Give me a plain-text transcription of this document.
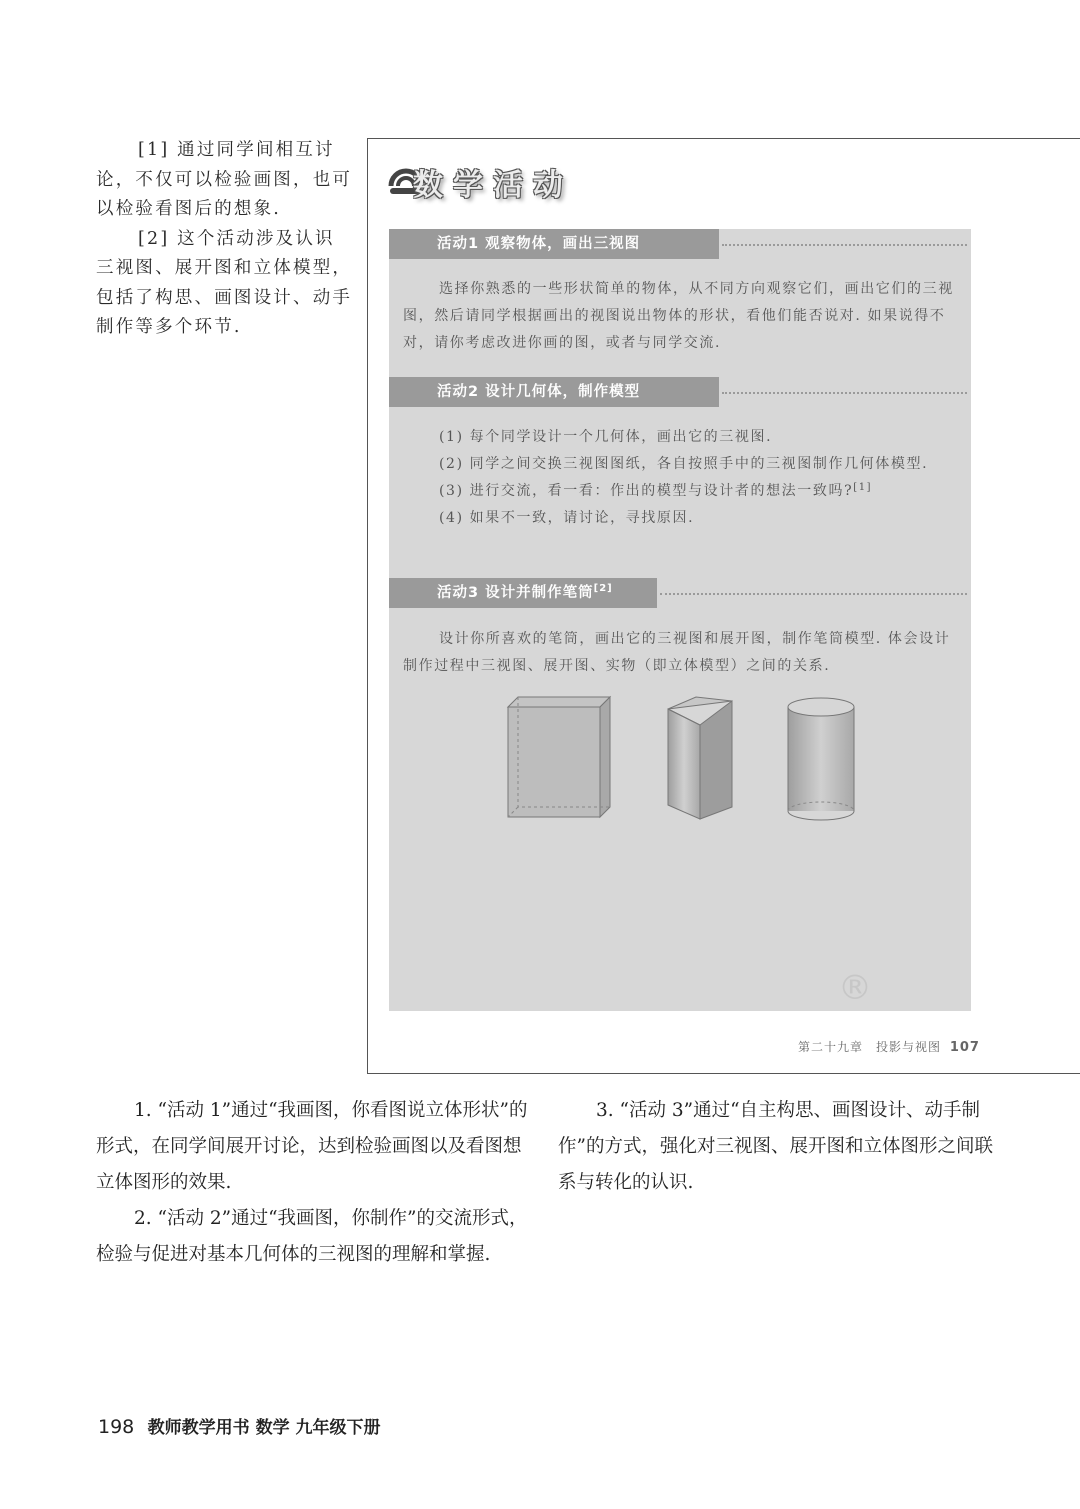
[1] 通过同学间相互讨论，不仅可以检验画图，也可以检验看图后的想象.

[2] 这个活动涉及认识三视图、展开图和立体模型，包括了构思、画图设计、动手制作等多个环节.

数学活动
活动1 观察物体，画出三视图

选择你熟悉的一些形状简单的物体，从不同方向观察它们，画出它们的三视图，然后请同学根据画出的视图说出物体的形状，看他们能否说对. 如果说得不对，请你考虑改进你画的图，或者与同学交流.

活动2 设计几何体，制作模型

(1) 每个同学设计一个几何体，画出它的三视图.

(2) 同学之间交换三视图图纸，各自按照手中的三视图制作几何体模型.

(3) 进行交流，看一看：作出的模型与设计者的想法一致吗?[1]

(4) 如果不一致，请讨论，寻找原因.

活动3 设计并制作笔筒[2]

设计你所喜欢的笔筒，画出它的三视图和展开图，制作笔筒模型. 体会设计制作过程中三视图、展开图、实物（即立体模型）之间的关系.

®
第二十九章　投影与视图 107

1. “活动 1”通过“我画图，你看图说立体形状”的形式，在同学间展开讨论，达到检验画图以及看图想立体图形的效果.

2. “活动 2”通过“我画图，你制作”的交流形式，检验与促进对基本几何体的三视图的理解和掌握.

3. “活动 3”通过“自主构思、画图设计、动手制作”的方式，强化对三视图、展开图和立体图形之间联系与转化的认识.

198 教师教学用书 数学 九年级下册
